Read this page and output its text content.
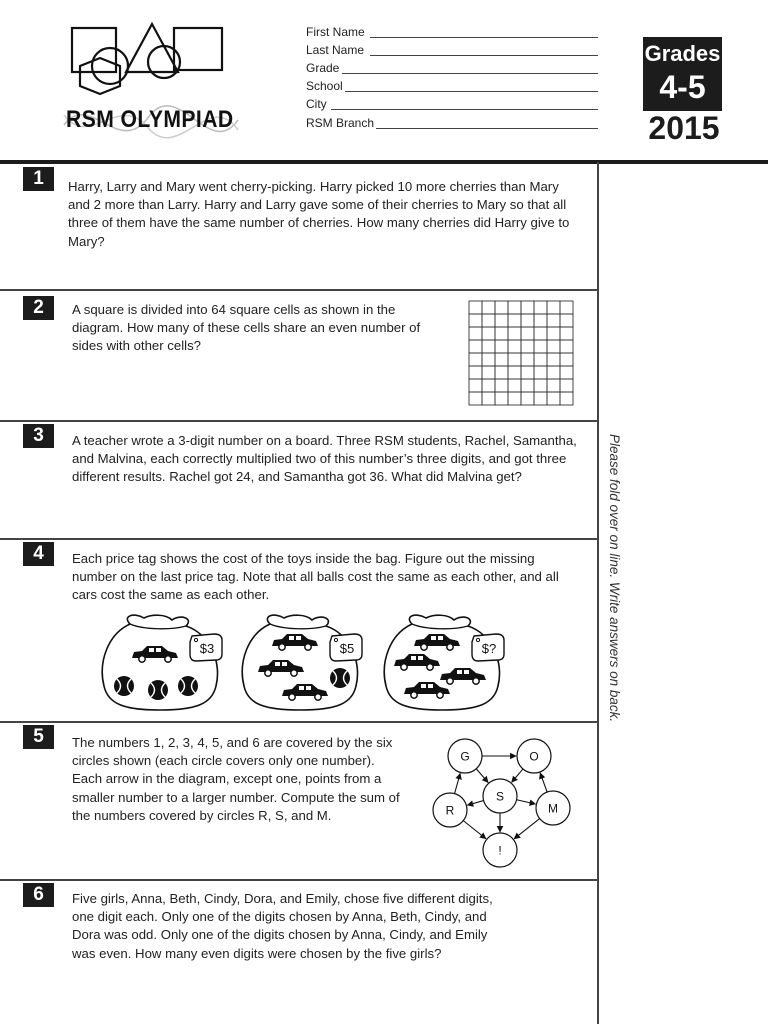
RSM OLYMPIAD
First Name
Last Name
Grade
School
City
RSM Branch
Grades
4-5
2015
Please fold over on line. Write answers on back.
1	Harry, Larry and Mary went cherry-picking. Harry picked 10 more cherries than Mary and 2 more than Larry. Harry and Larry gave some of their cherries to Mary so that all three of them have the same number of cherries. How many cherries did Harry give to Mary?
2	A square is divided into 64 square cells as shown in the diagram. How many of these cells share an even number of sides with other cells?
3	A teacher wrote a 3-digit number on a board. Three RSM students, Rachel, Samantha, and Malvina, each correctly multiplied two of this number’s three digits, and got three different results. Rachel got 24, and Samantha got 36. What did Malvina get?
4	Each price tag shows the cost of the toys inside the bag. Figure out the missing number on the last price tag. Note that all balls cost the same as each other, and all cars cost the same as each other.
$3	$5	$?
5	The numbers 1, 2, 3, 4, 5, and 6 are covered by the six circles shown (each circle covers only one number). Each arrow in the diagram, except one, points from a smaller number to a larger number. Compute the sum of the numbers covered by circles R, S, and M.
G	O
R
S
M
!
6	Five girls, Anna, Beth, Cindy, Dora, and Emily, chose five different digits, one digit each. Only one of the digits chosen by Anna, Beth, Cindy, and Dora was odd. Only one of the digits chosen by Anna, Cindy, and Emily was even. How many even digits were chosen by the five girls?
